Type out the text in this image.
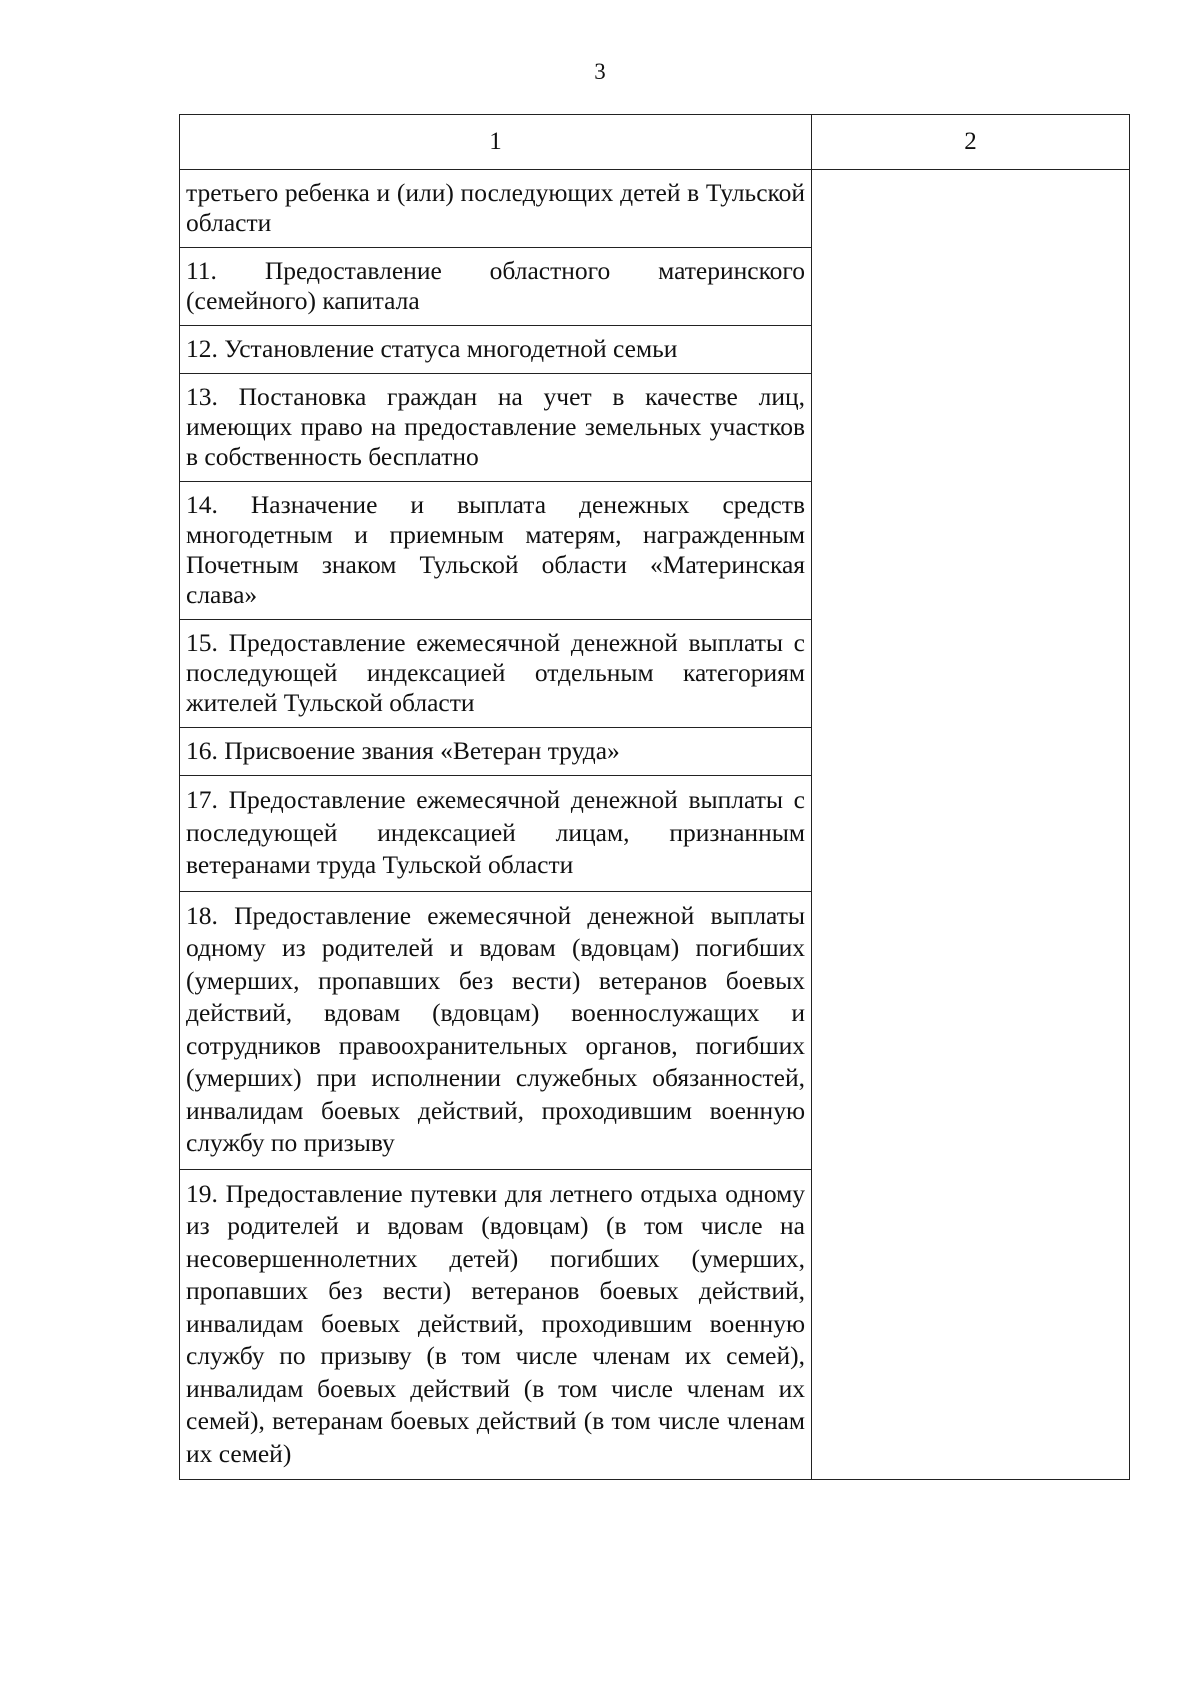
3
1	2
третьего ребенка и (или) последующих детей в Тульской области	
11. Предоставление областного материнского (семейного) капитала	
12. Установление статуса многодетной семьи	
13. Постановка граждан на учет в качестве лиц, имеющих право на предоставление земельных участков в собственность бесплатно	
14. Назначение и выплата денежных средств многодетным и приемным матерям, награжденным Почетным знаком Тульской области «Материнская слава»	
15. Предоставление ежемесячной денежной выплаты с последующей индексацией отдельным категориям жителей Тульской области	
16. Присвоение звания «Ветеран труда»	
17. Предоставление ежемесячной денежной выплаты с последующей индексацией лицам, признанным ветеранами труда Тульской области	
18. Предоставление ежемесячной денежной выплаты одному из родителей и вдовам (вдовцам) погибших (умерших, пропавших без вести) ветеранов боевых действий, вдовам (вдовцам) военнослужащих и сотрудников правоохранительных органов, погибших (умерших) при исполнении служебных обязанностей, инвалидам боевых действий, проходившим военную службу по призыву	
19. Предоставление путевки для летнего отдыха одному из родителей и вдовам (вдовцам) (в том числе на несовершеннолетних детей) погибших (умерших, пропавших без вести) ветеранов боевых действий, инвалидам боевых действий, проходившим военную службу по призыву (в том числе членам их семей), инвалидам боевых действий (в том числе членам их семей), ветеранам боевых действий (в том числе членам их семей)	
